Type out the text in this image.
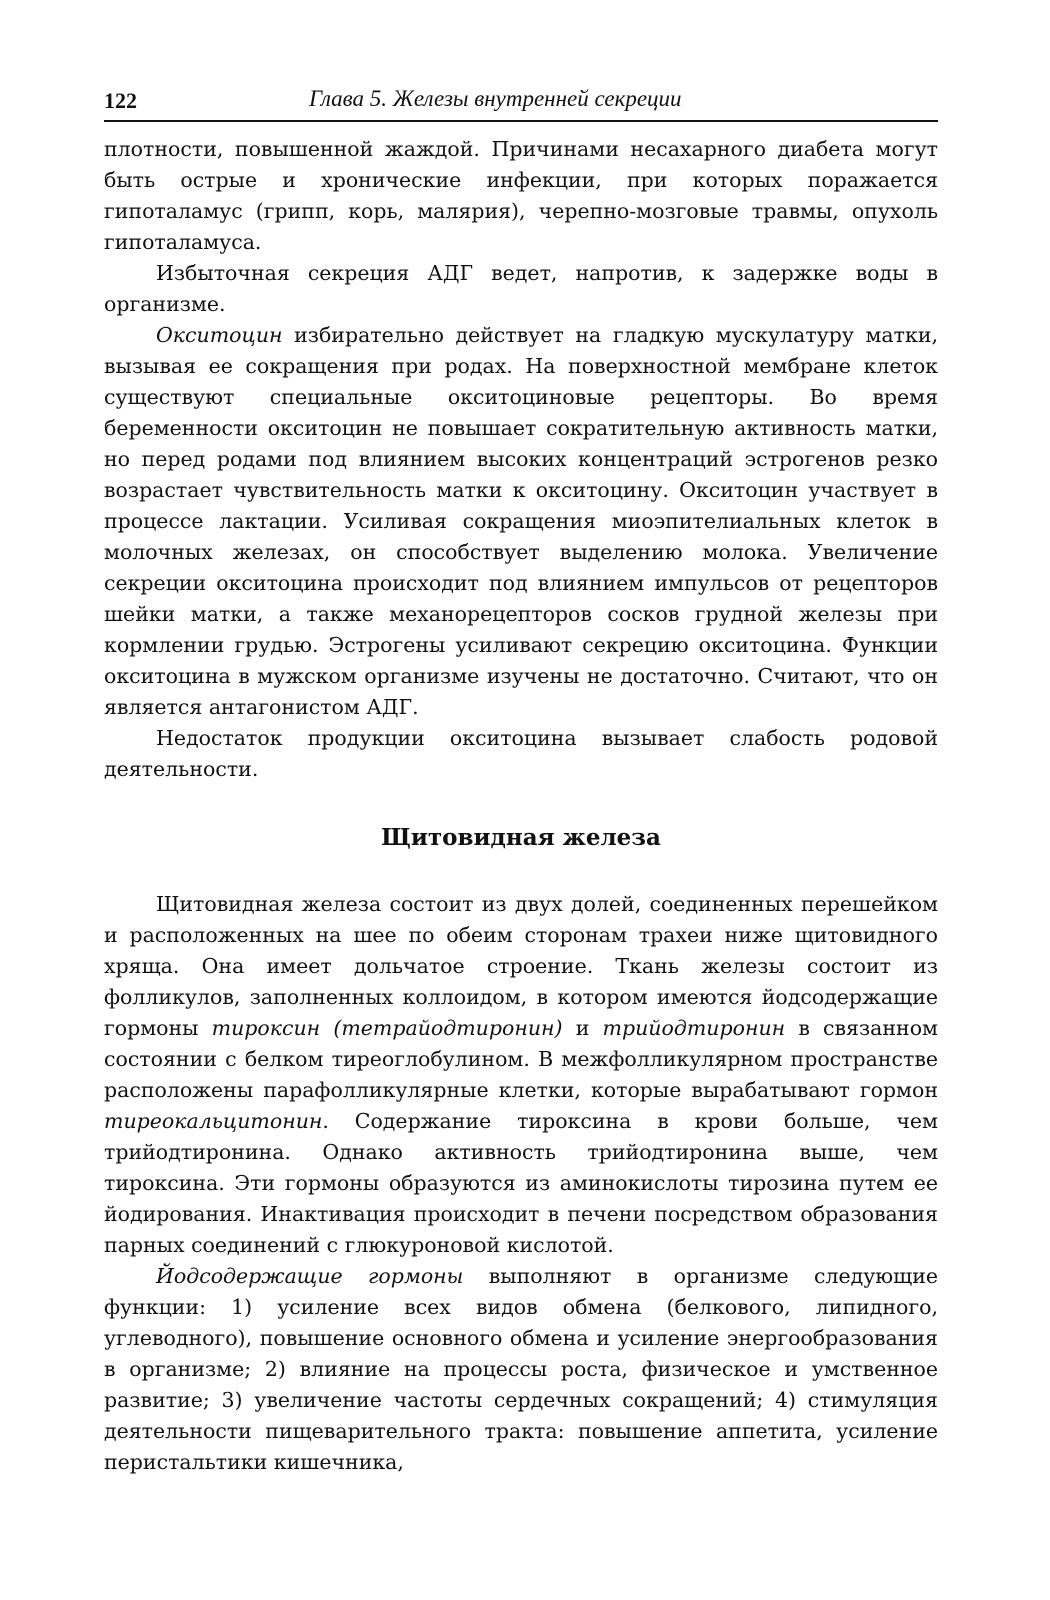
122	Глава 5. Железы внутренней секреции

плотности, повышенной жаждой. Причинами несахарного диабета могут быть острые и хронические инфекции, при которых поражается гипоталамус (грипп, корь, малярия), черепно-мозговые травмы, опухоль гипоталамуса.

Избыточная секреция АДГ ведет, напротив, к задержке воды в организме.

Окситоцин избирательно действует на гладкую мускулатуру матки, вызывая ее сокращения при родах. На поверхностной мембране клеток существуют специальные окситоциновые рецепторы. Во время беременности окситоцин не повышает сократительную активность матки, но перед родами под влиянием высоких концентраций эстрогенов резко возрастает чувствительность матки к окситоцину. Окситоцин участвует в процессе лактации. Усиливая сокращения миоэпителиальных клеток в молочных железах, он способствует выделению молока. Увеличение секреции окситоцина происходит под влиянием импульсов от рецепторов шейки матки, а также механорецепторов сосков грудной железы при кормлении грудью. Эстрогены усиливают секрецию окситоцина. Функции окситоцина в мужском организме изучены не достаточно. Считают, что он является антагонистом АДГ.

Недостаток продукции окситоцина вызывает слабость родовой деятельности.

Щитовидная железа

Щитовидная железа состоит из двух долей, соединенных перешейком и расположенных на шее по обеим сторонам трахеи ниже щитовидного хряща. Она имеет дольчатое строение. Ткань железы состоит из фолликулов, заполненных коллоидом, в котором имеются йодсодержащие гормоны тироксин (тетрайодтиронин) и трийодтиронин в связанном состоянии с белком тиреоглобулином. В межфолликулярном пространстве расположены парафолликулярные клетки, которые вырабатывают гормон тиреокальцитонин. Содержание тироксина в крови больше, чем трийодтиронина. Однако активность трийодтиронина выше, чем тироксина. Эти гормоны образуются из аминокислоты тирозина путем ее йодирования. Инактивация происходит в печени посредством образования парных соединений с глюкуроновой кислотой.

Йодсодержащие гормоны выполняют в организме следующие функции: 1) усиление всех видов обмена (белкового, липидного, углеводного), повышение основного обмена и усиление энергообразования в организме; 2) влияние на процессы роста, физическое и умственное развитие; 3) увеличение частоты сердечных сокращений; 4) стимуляция деятельности пищеварительного тракта: повышение аппетита, усиление перистальтики кишечника,
